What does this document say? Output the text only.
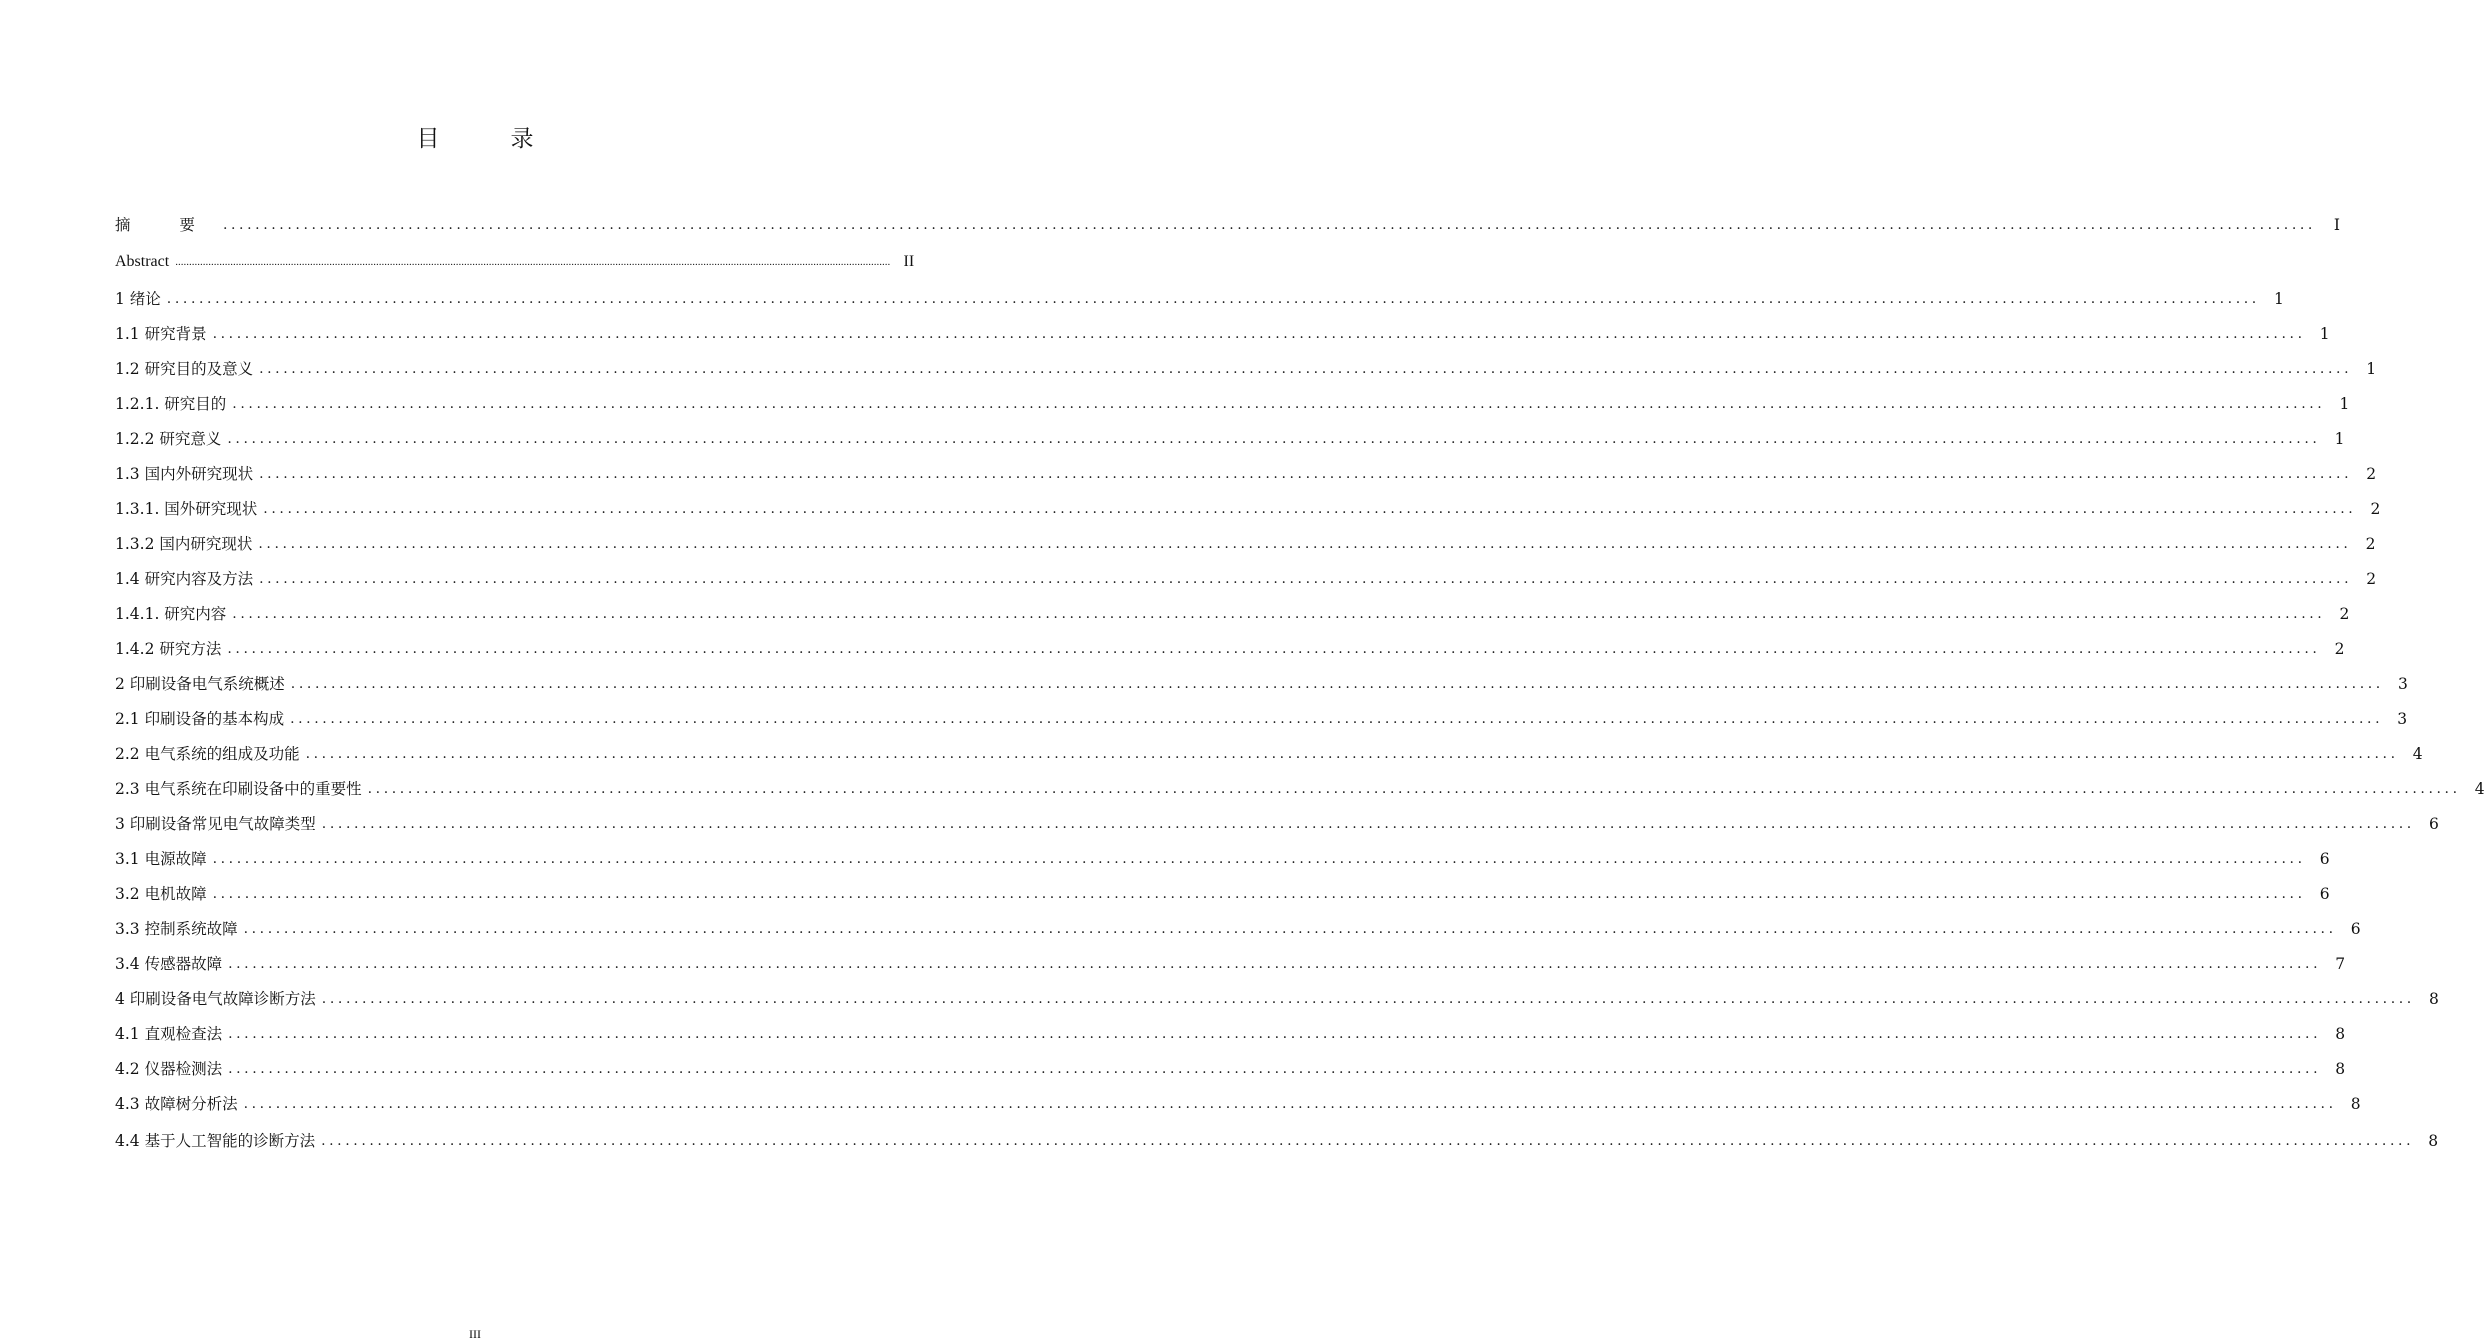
目　录
摘 要 ....................................................................................................................................................................................................................................................................	I
Abstract .................................................................................................................................................................................................................................................................... II
1 绪论 .................................................................................................................................................................................................................................................................... 1
1.1 研究背景 .................................................................................................................................................................................................................................................................... 1
1.2 研究目的及意义 .................................................................................................................................................................................................................................................................... 1
1.2.1. 研究目的 .................................................................................................................................................................................................................................................................... 1
1.2.2 研究意义 .................................................................................................................................................................................................................................................................... 1
1.3 国内外研究现状 .................................................................................................................................................................................................................................................................... 2
1.3.1. 国外研究现状 .................................................................................................................................................................................................................................................................... 2
1.3.2 国内研究现状 .................................................................................................................................................................................................................................................................... 2
1.4 研究内容及方法 .................................................................................................................................................................................................................................................................... 2
1.4.1. 研究内容 .................................................................................................................................................................................................................................................................... 2
1.4.2 研究方法 .................................................................................................................................................................................................................................................................... 2
2 印刷设备电气系统概述 .................................................................................................................................................................................................................................................................... 3
2.1 印刷设备的基本构成 .................................................................................................................................................................................................................................................................... 3
2.2 电气系统的组成及功能 .................................................................................................................................................................................................................................................................... 4
2.3 电气系统在印刷设备中的重要性 .................................................................................................................................................................................................................................................................... 4
3 印刷设备常见电气故障类型 .................................................................................................................................................................................................................................................................... 6
3.1 电源故障 .................................................................................................................................................................................................................................................................... 6
3.2 电机故障 .................................................................................................................................................................................................................................................................... 6
3.3 控制系统故障 .................................................................................................................................................................................................................................................................... 6
3.4 传感器故障 .................................................................................................................................................................................................................................................................... 7
4 印刷设备电气故障诊断方法 .................................................................................................................................................................................................................................................................... 8
4.1 直观检查法 .................................................................................................................................................................................................................................................................... 8
4.2 仪器检测法 .................................................................................................................................................................................................................................................................... 8
4.3 故障树分析法 .................................................................................................................................................................................................................................................................... 8
4.4 基于人工智能的诊断方法 .................................................................................................................................................................................................................................................................... 8
III
